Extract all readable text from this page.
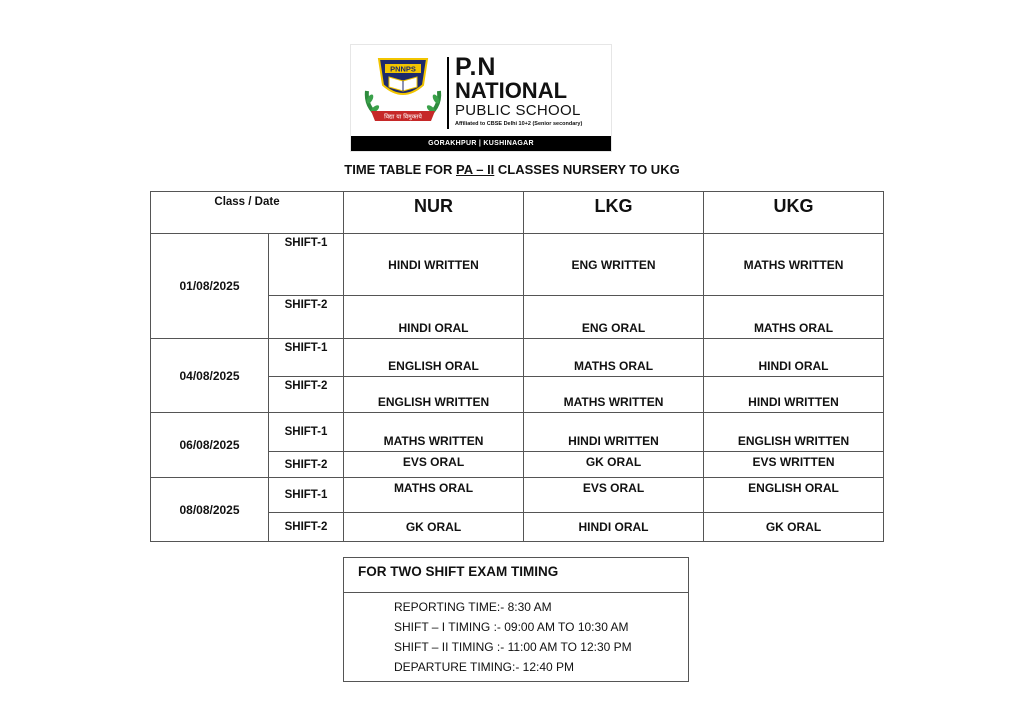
PNNPS
विद्या या विमुक्तये
P.N
NATIONAL
PUBLIC SCHOOL
Affiliated to CBSE Delhi 10+2 (Senior secondary)
GORAKHPUR | KUSHINAGAR
TIME TABLE FOR PA – II CLASSES NURSERY TO UKG
Class / Date		NUR	LKG	UKG
01/08/2025	SHIFT-1	HINDI WRITTEN	ENG WRITTEN	MATHS WRITTEN
	SHIFT-2	HINDI ORAL	ENG ORAL	MATHS ORAL
04/08/2025	SHIFT-1	ENGLISH ORAL	MATHS ORAL	HINDI ORAL
	SHIFT-2	ENGLISH WRITTEN	MATHS WRITTEN	HINDI WRITTEN
06/08/2025	SHIFT-1	MATHS WRITTEN	HINDI WRITTEN	ENGLISH WRITTEN
	SHIFT-2	EVS ORAL	GK ORAL	EVS WRITTEN
08/08/2025	SHIFT-1	MATHS ORAL	EVS ORAL	ENGLISH ORAL
	SHIFT-2	GK ORAL	HINDI ORAL	GK ORAL
FOR TWO SHIFT EXAM TIMING
REPORTING TIME:- 8:30 AM
SHIFT – I TIMING :- 09:00 AM TO 10:30 AM
SHIFT – II TIMING :- 11:00 AM TO 12:30 PM
DEPARTURE TIMING:- 12:40 PM
